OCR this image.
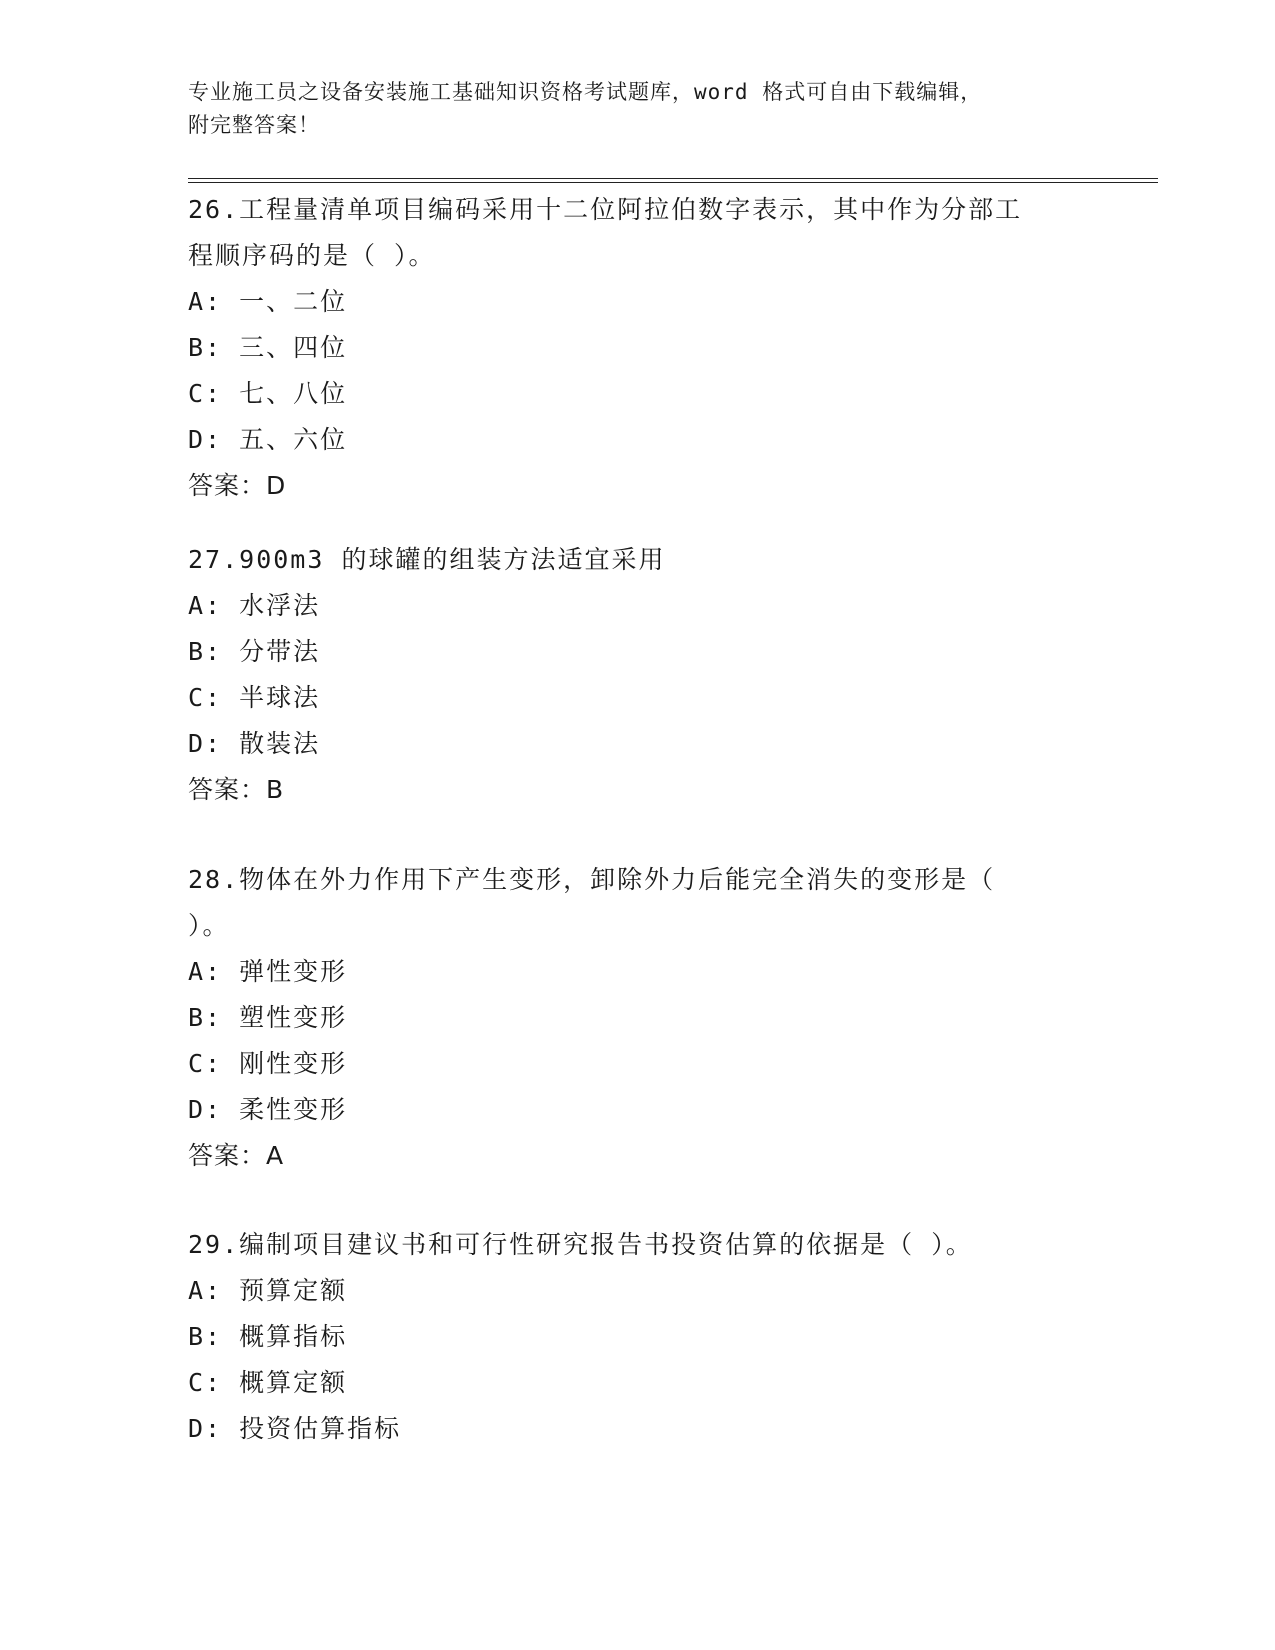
专业施工员之设备安装施工基础知识资格考试题库，word 格式可自由下载编辑，
附完整答案！
26.工程量清单项目编码采用十二位阿拉伯数字表示，其中作为分部工
程顺序码的是（ ）。
A: 一、二位
B: 三、四位
C: 七、八位
D: 五、六位
答案：D
27.900m3 的球罐的组装方法适宜采用
A: 水浮法
B: 分带法
C: 半球法
D: 散装法
答案：B
28.物体在外力作用下产生变形，卸除外力后能完全消失的变形是（
）。
A: 弹性变形
B: 塑性变形
C: 刚性变形
D: 柔性变形
答案：A
29.编制项目建议书和可行性研究报告书投资估算的依据是（ ）。
A: 预算定额
B: 概算指标
C: 概算定额
D: 投资估算指标
